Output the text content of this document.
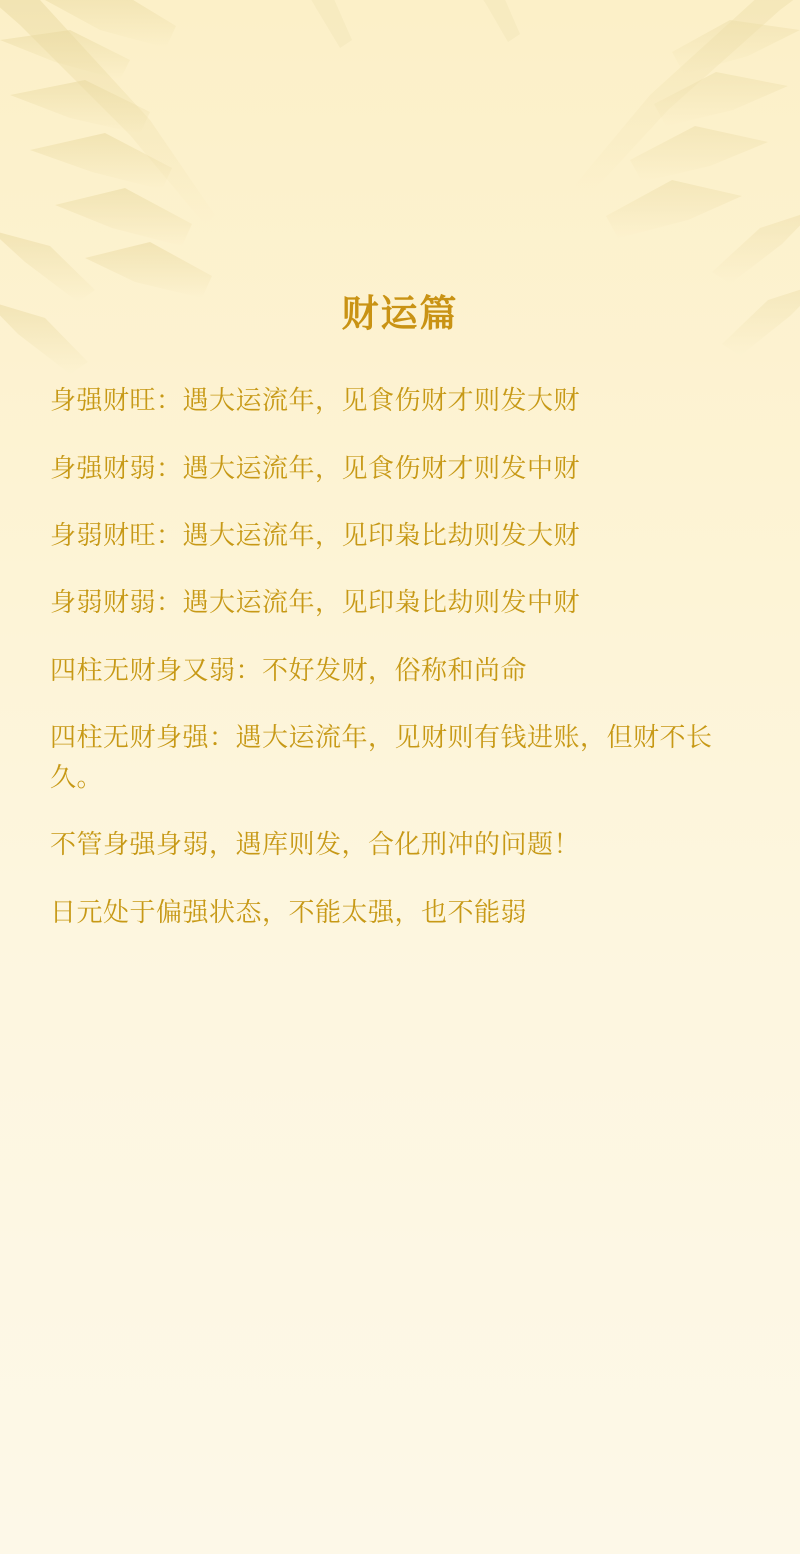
财运篇

身强财旺：遇大运流年，见食伤财才则发大财

身强财弱：遇大运流年，见食伤财才则发中财

身弱财旺：遇大运流年，见印枭比劫则发大财

身弱财弱：遇大运流年，见印枭比劫则发中财

四柱无财身又弱：不好发财，俗称和尚命

四柱无财身强：遇大运流年，见财则有钱进账，但财不长久。

不管身强身弱，遇库则发，合化刑冲的问题！

日元处于偏强状态，不能太强，也不能弱
